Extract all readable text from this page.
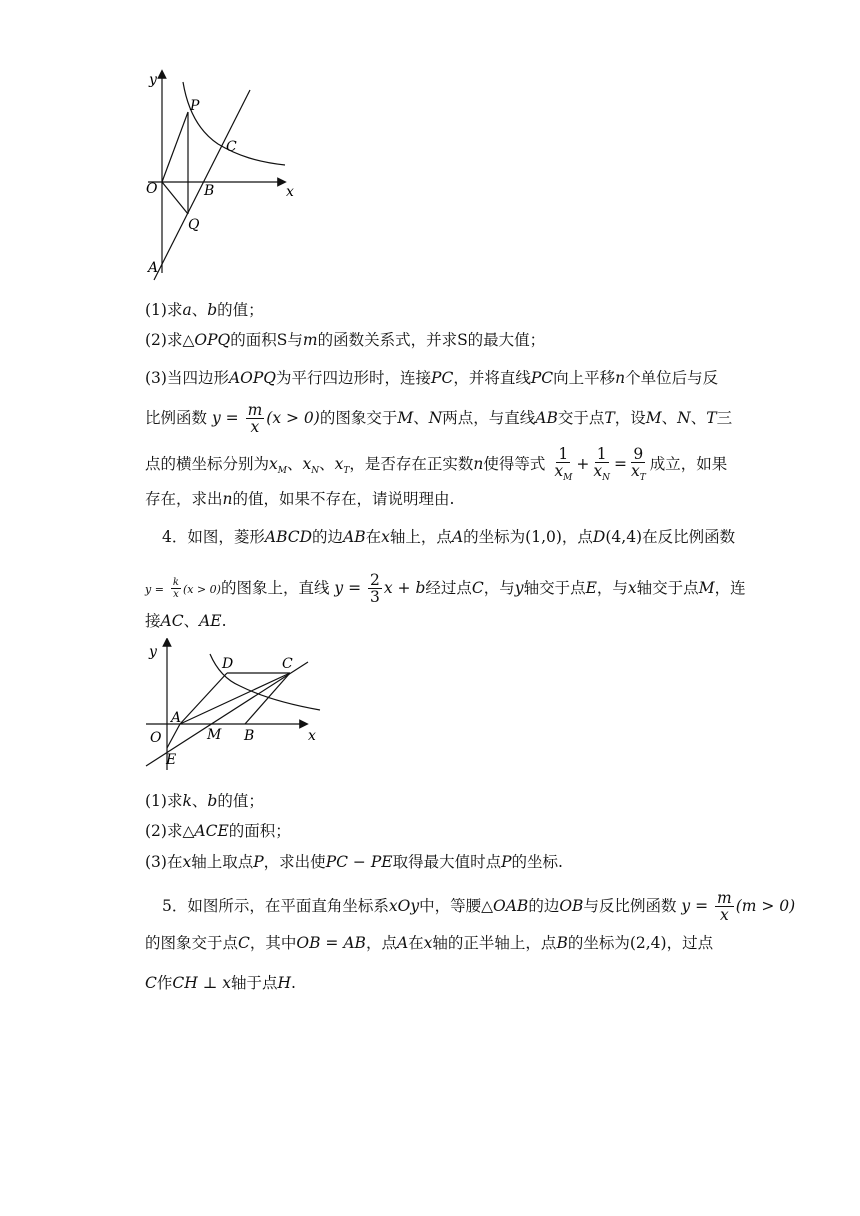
y
P
C
O	B	x
Q
A
(1)求a、b的值；
(2)求△OPQ的面积S与m的函数关系式，并求S的最大值；
(3)当四边形AOPQ为平行四边形时，连接PC，并将直线PC向上平移n个单位后与反
比例函数 $y = \frac{m}{x} (x > 0)$的图象交于M、N两点，与直线AB交于点T，设M、N、T三
点的横坐标分别为$x_M$、$x_N$、$x_T$，是否存在正实数n使得等式 $\frac{1}{x_M} + \frac{1}{x_N} = \frac{9}{x_T}$ 成立，如果
存在，求出n的值，如果不存在，请说明理由.
4．如图，菱形ABCD的边AB在x轴上，点A的坐标为(1,0)，点D(4,4)在反比例函数
$y = \frac{k}{x} (x > 0)$的图象上，直线 $y = \frac{2}{3}$ x + b经过点C，与y轴交于点E，与x轴交于点M，连
接AC、AE.
y
D	C
A
O	M B	x
E
(1)求k、b的值；
(2)求△ACE的面积；
(3)在x轴上取点P，求出使PC − PE取得最大值时点P的坐标.
5．如图所示，在平面直角坐标系xOy中，等腰△OAB的边OB与反比例函数 $y = \frac{m}{x} (m > 0)$
的图象交于点C，其中OB = AB，点A在x轴的正半轴上，点B的坐标为(2,4)，过点
C作CH ⊥ x轴于点H.
